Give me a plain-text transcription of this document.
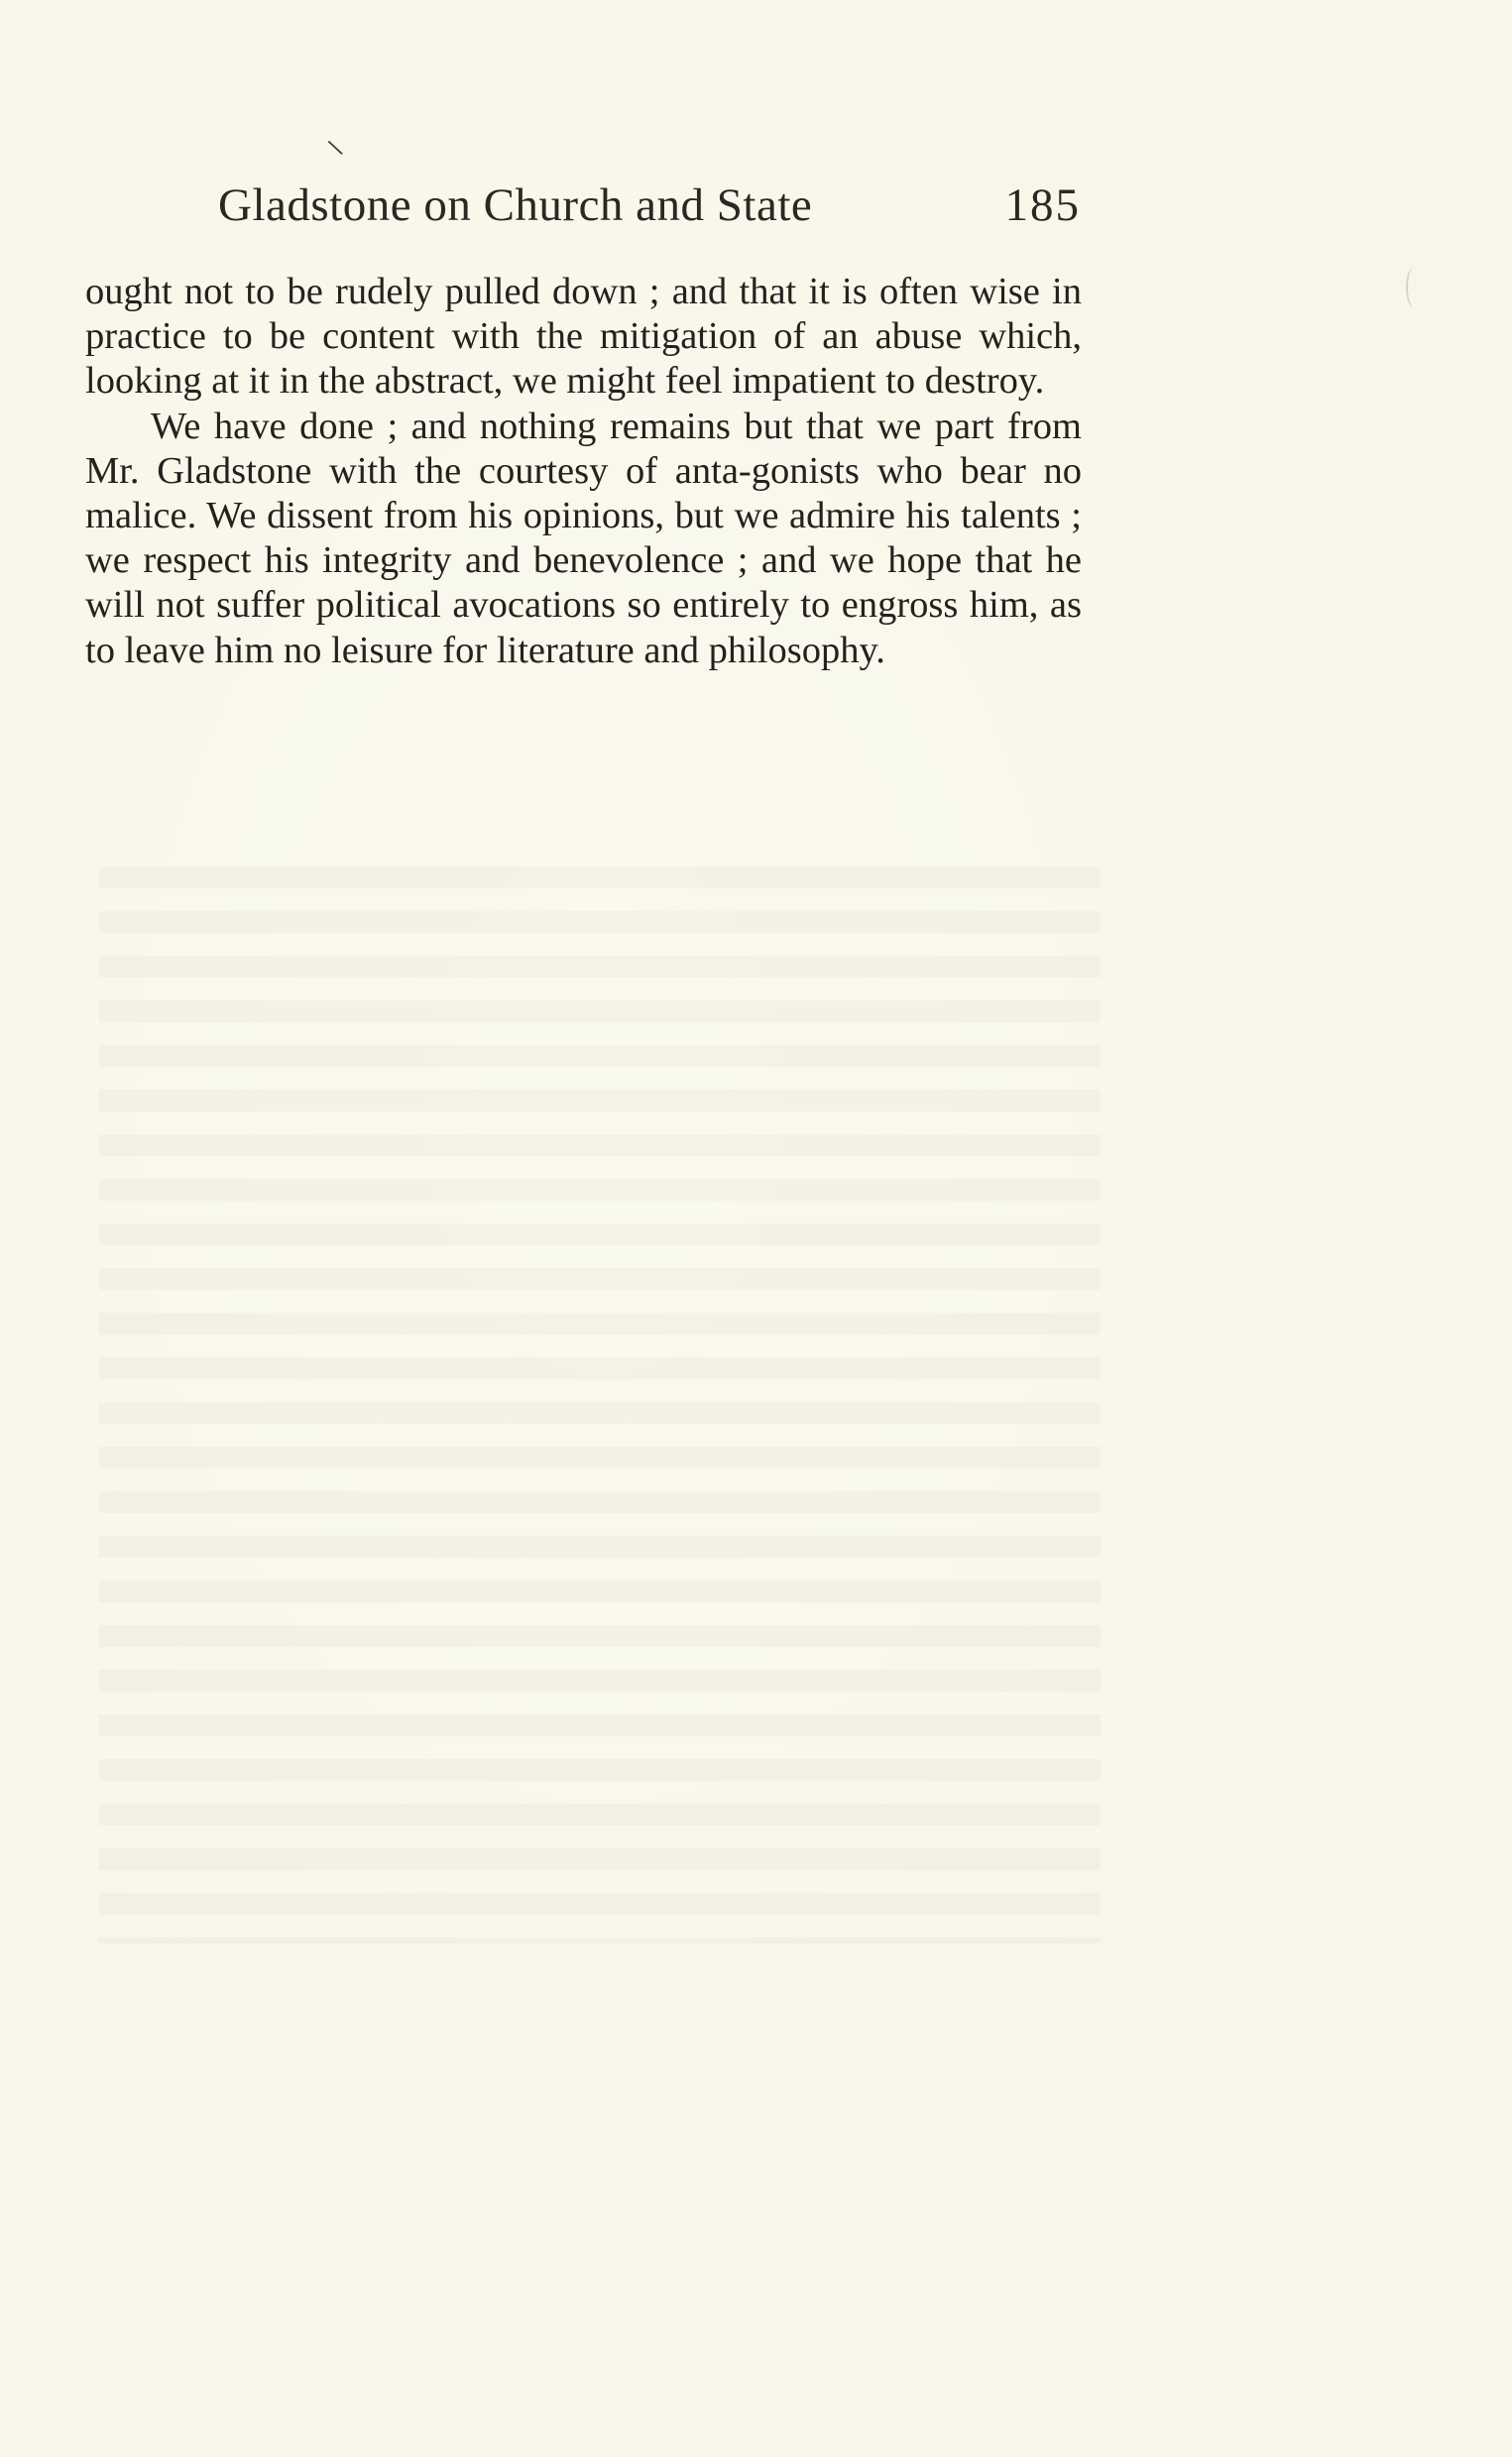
∖
Gladstone on Church and State	185

ought not to be rudely pulled down ; and that it is often wise in practice to be content with the mitigation of an abuse which, looking at it in the abstract, we might feel impatient to destroy.

We have done ; and nothing remains but that we part from Mr. Gladstone with the courtesy of anta-gonists who bear no malice. We dissent from his opinions, but we admire his talents ; we respect his integrity and benevolence ; and we hope that he will not suffer political avocations so entirely to engross him, as to leave him no leisure for literature and philosophy.
